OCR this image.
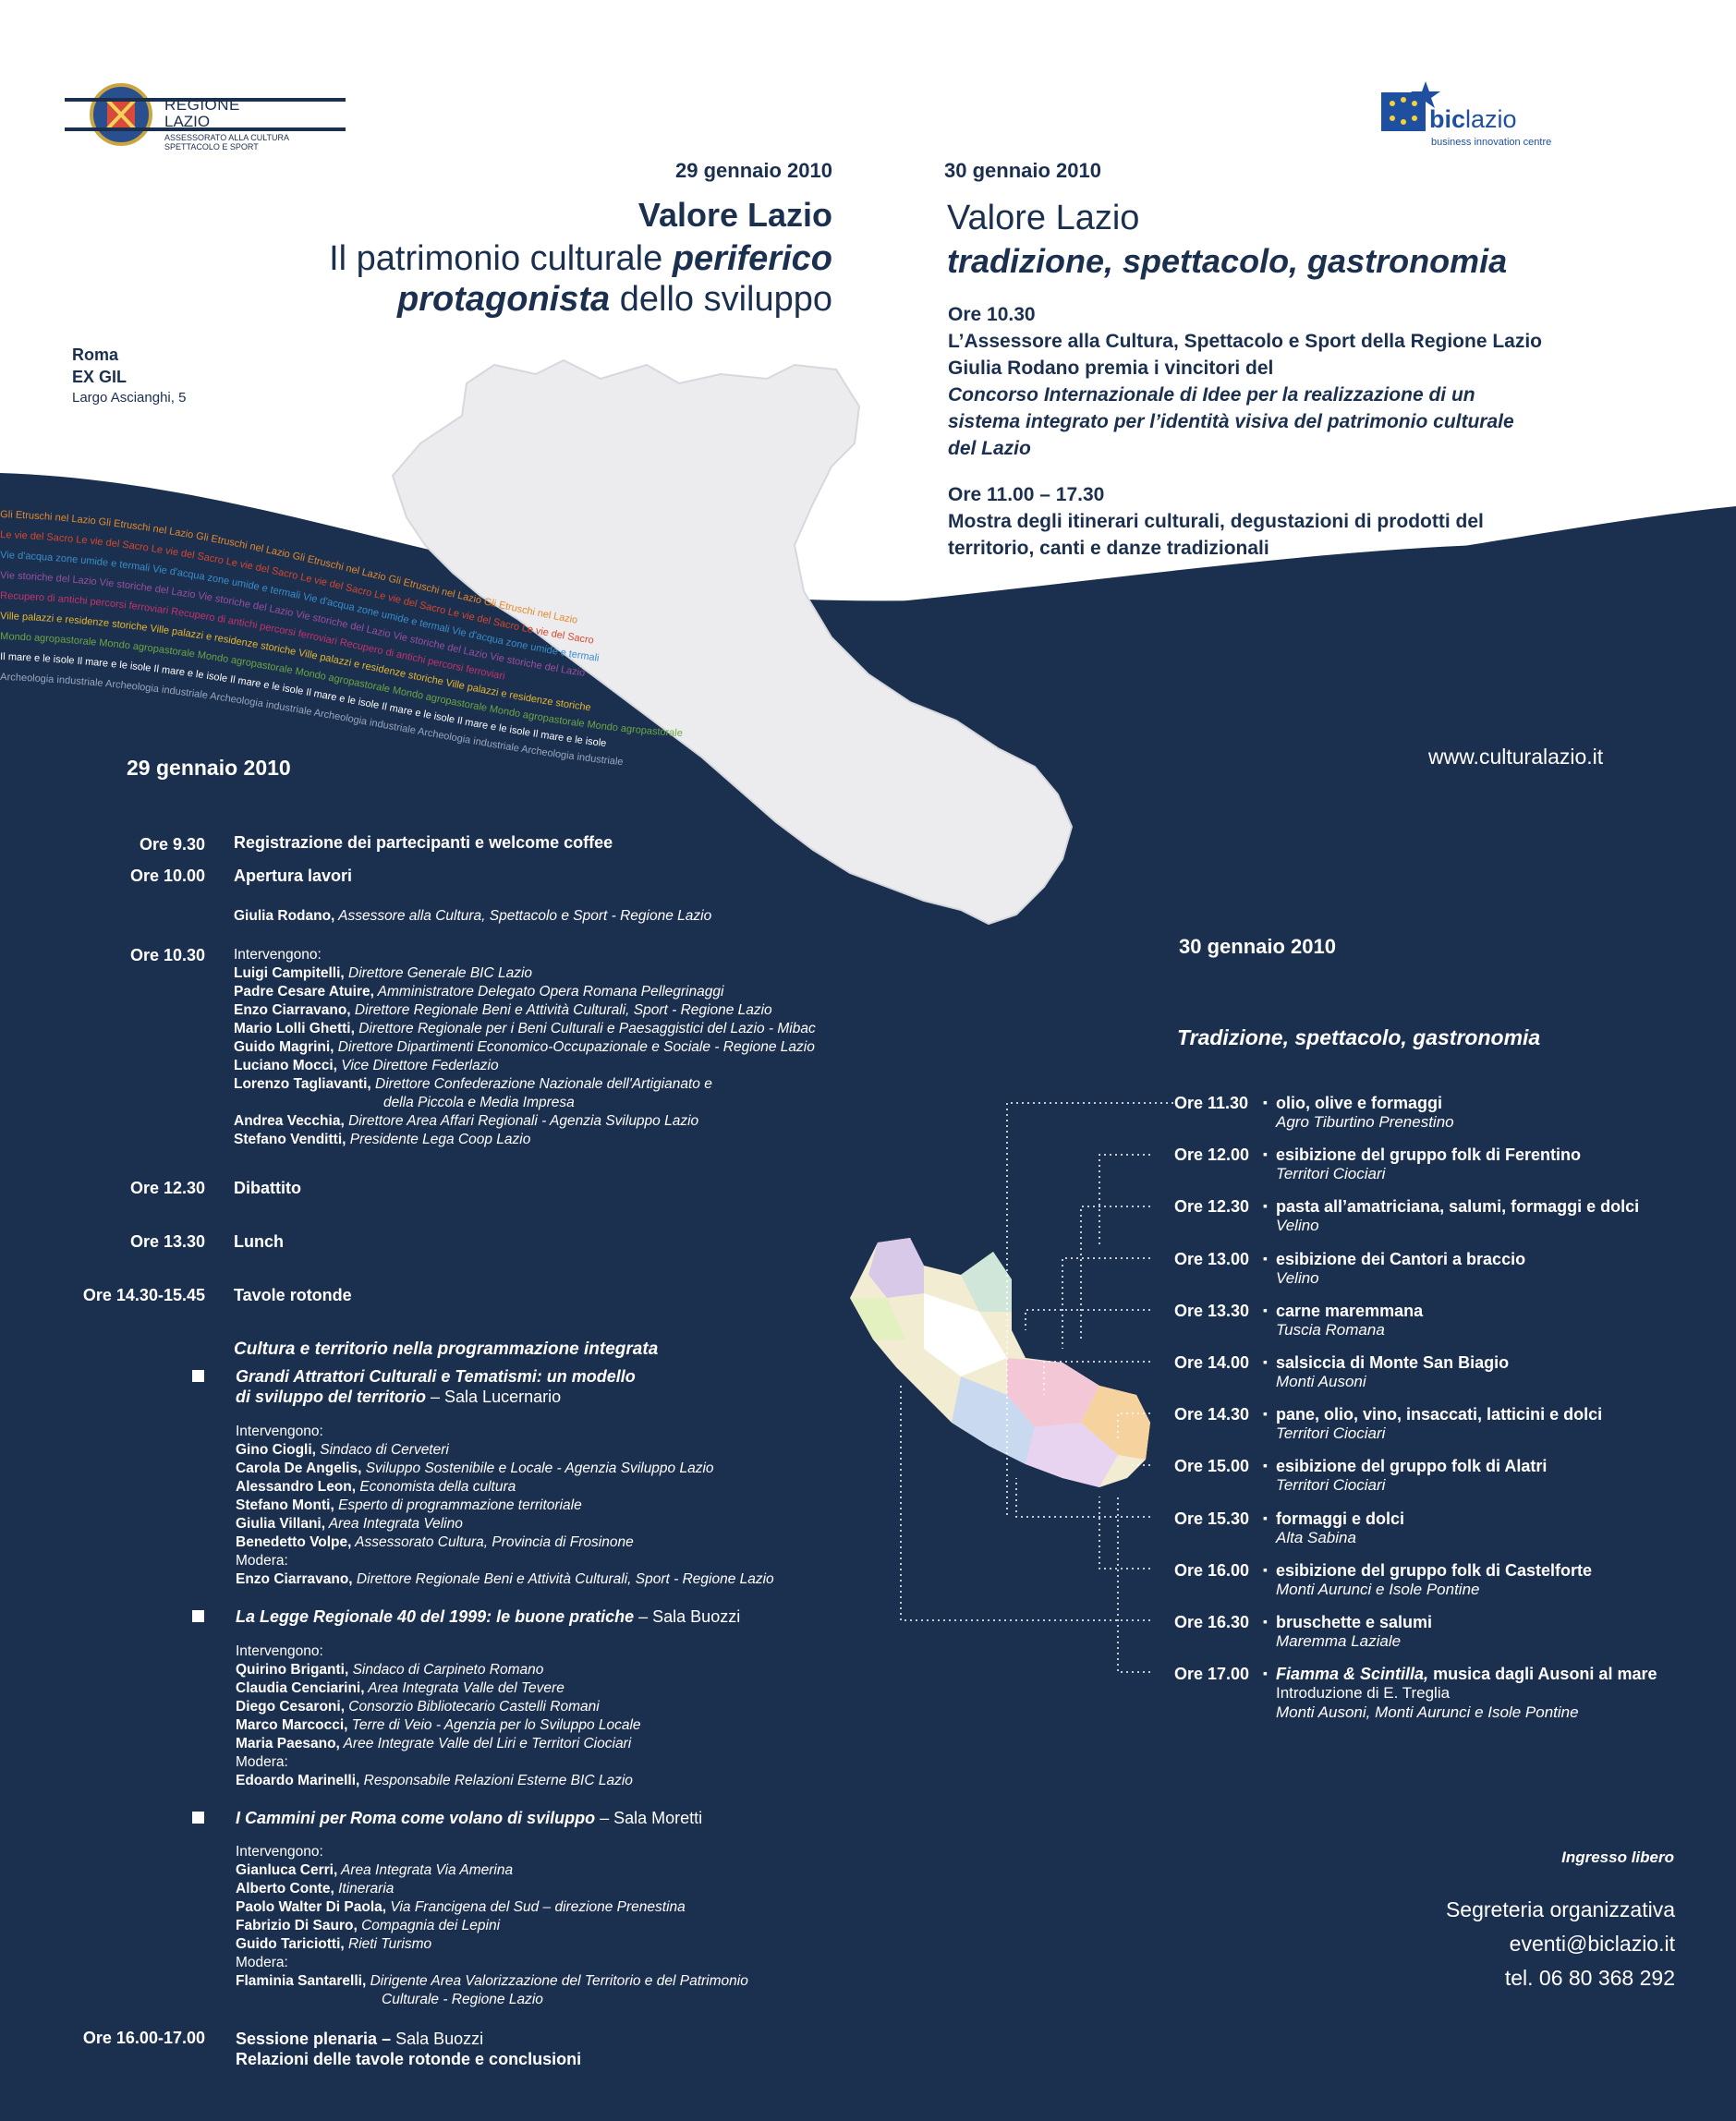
Gli Etruschi nel Lazio Gli Etruschi nel Lazio Gli Etruschi nel Lazio Gli Etruschi nel Lazio Gli Etruschi nel Lazio Gli Etruschi nel Lazio
Le vie del Sacro Le vie del Sacro Le vie del Sacro Le vie del Sacro Le vie del Sacro Le vie del Sacro Le vie del Sacro Le vie del Sacro
Vie d'acqua zone umide e termali Vie d'acqua zone umide e termali Vie d'acqua zone umide e termali Vie d'acqua zone umide e termali
Vie storiche del Lazio Vie storiche del Lazio Vie storiche del Lazio Vie storiche del Lazio Vie storiche del Lazio Vie storiche del Lazio
Recupero di antichi percorsi ferroviari Recupero di antichi percorsi ferroviari Recupero di antichi percorsi ferroviari
Ville palazzi e residenze storiche Ville palazzi e residenze storiche Ville palazzi e residenze storiche Ville palazzi e residenze storiche
Mondo agropastorale Mondo agropastorale Mondo agropastorale Mondo agropastorale Mondo agropastorale Mondo agropastorale Mondo agropastorale
Il mare e le isole Il mare e le isole Il mare e le isole Il mare e le isole Il mare e le isole Il mare e le isole Il mare e le isole Il mare e le isole
Archeologia industriale Archeologia industriale Archeologia industriale Archeologia industriale Archeologia industriale Archeologia industriale
REGIONE
LAZIO
ASSESSORATO ALLA CULTURA
SPETTACOLO E SPORT
biclazio
business innovation centre
29 gennaio 2010
Valore Lazio
Il patrimonio culturale periferico
protagonista dello sviluppo
Roma
EX GIL
Largo Ascianghi, 5
30 gennaio 2010
Valore Lazio
tradizione, spettacolo, gastronomia
Ore 10.30
L’Assessore alla Cultura, Spettacolo e Sport della Regione Lazio
Giulia Rodano premia i vincitori del
Concorso Internazionale di Idee per la realizzazione di un
sistema integrato per l’identità visiva del patrimonio culturale
del Lazio
Ore 11.00 – 17.30
Mostra degli itinerari culturali, degustazioni di prodotti del
territorio, canti e danze tradizionali
www.culturalazio.it
29 gennaio 2010
Ore 9.30 Registrazione dei partecipanti e welcome coffee
Ore 10.00 Apertura lavori
Giulia Rodano, Assessore alla Cultura, Spettacolo e Sport - Regione Lazio
Ore 10.30 Intervengono:
Luigi Campitelli, Direttore Generale BIC Lazio
Padre Cesare Atuire, Amministratore Delegato Opera Romana Pellegrinaggi
Enzo Ciarravano, Direttore Regionale Beni e Attività Culturali, Sport - Regione Lazio
Mario Lolli Ghetti, Direttore Regionale per i Beni Culturali e Paesaggistici del Lazio - Mibac
Guido Magrini, Direttore Dipartimenti Economico-Occupazionale e Sociale - Regione Lazio
Luciano Mocci, Vice Direttore Federlazio
Lorenzo Tagliavanti, Direttore Confederazione Nazionale dell'Artigianato e
della Piccola e Media Impresa
Andrea Vecchia, Direttore Area Affari Regionali - Agenzia Sviluppo Lazio
Stefano Venditti, Presidente Lega Coop Lazio
Ore 12.30 Dibattito
Ore 13.30 Lunch
Ore 14.30-15.45 Tavole rotonde
Cultura e territorio nella programmazione integrata
Grandi Attrattori Culturali e Tematismi: un modello
di sviluppo del territorio – Sala Lucernario
Intervengono:
Gino Ciogli, Sindaco di Cerveteri
Carola De Angelis, Sviluppo Sostenibile e Locale - Agenzia Sviluppo Lazio
Alessandro Leon, Economista della cultura
Stefano Monti, Esperto di programmazione territoriale
Giulia Villani, Area Integrata Velino
Benedetto Volpe, Assessorato Cultura, Provincia di Frosinone
Modera:
Enzo Ciarravano, Direttore Regionale Beni e Attività Culturali, Sport - Regione Lazio
La Legge Regionale 40 del 1999: le buone pratiche – Sala Buozzi
Intervengono:
Quirino Briganti, Sindaco di Carpineto Romano
Claudia Cenciarini, Area Integrata Valle del Tevere
Diego Cesaroni, Consorzio Bibliotecario Castelli Romani
Marco Marcocci, Terre di Veio - Agenzia per lo Sviluppo Locale
Maria Paesano, Aree Integrate Valle del Liri e Territori Ciociari
Modera:
Edoardo Marinelli, Responsabile Relazioni Esterne BIC Lazio
I Cammini per Roma come volano di sviluppo – Sala Moretti
Intervengono:
Gianluca Cerri, Area Integrata Via Amerina
Alberto Conte, Itineraria
Paolo Walter Di Paola, Via Francigena del Sud – direzione Prenestina
Fabrizio Di Sauro, Compagnia dei Lepini
Guido Tariciotti, Rieti Turismo
Modera:
Flaminia Santarelli, Dirigente Area Valorizzazione del Territorio e del Patrimonio
Culturale - Regione Lazio
Ore 16.00-17.00 Sessione plenaria – Sala Buozzi
Relazioni delle tavole rotonde e conclusioni
30 gennaio 2010
Tradizione, spettacolo, gastronomia
Ore 11.30 ▪ olio, olive e formaggi
Agro Tiburtino Prenestino
Ore 12.00 ▪ esibizione del gruppo folk di Ferentino
Territori Ciociari
Ore 12.30 ▪ pasta all’amatriciana, salumi, formaggi e dolci
Velino
Ore 13.00 ▪ esibizione dei Cantori a braccio
Velino
Ore 13.30 ▪ carne maremmana
Tuscia Romana
Ore 14.00 ▪ salsiccia di Monte San Biagio
Monti Ausoni
Ore 14.30 ▪ pane, olio, vino, insaccati, latticini e dolci
Territori Ciociari
Ore 15.00 ▪ esibizione del gruppo folk di Alatri
Territori Ciociari
Ore 15.30 ▪ formaggi e dolci
Alta Sabina
Ore 16.00 ▪ esibizione del gruppo folk di Castelforte
Monti Aurunci e Isole Pontine
Ore 16.30 ▪ bruschette e salumi
Maremma Laziale
Ore 17.00 ▪ Fiamma & Scintilla, musica dagli Ausoni al mare
Introduzione di E. Treglia
Monti Ausoni, Monti Aurunci e Isole Pontine
Ingresso libero
Segreteria organizzativa
eventi@biclazio.it
tel. 06 80 368 292
